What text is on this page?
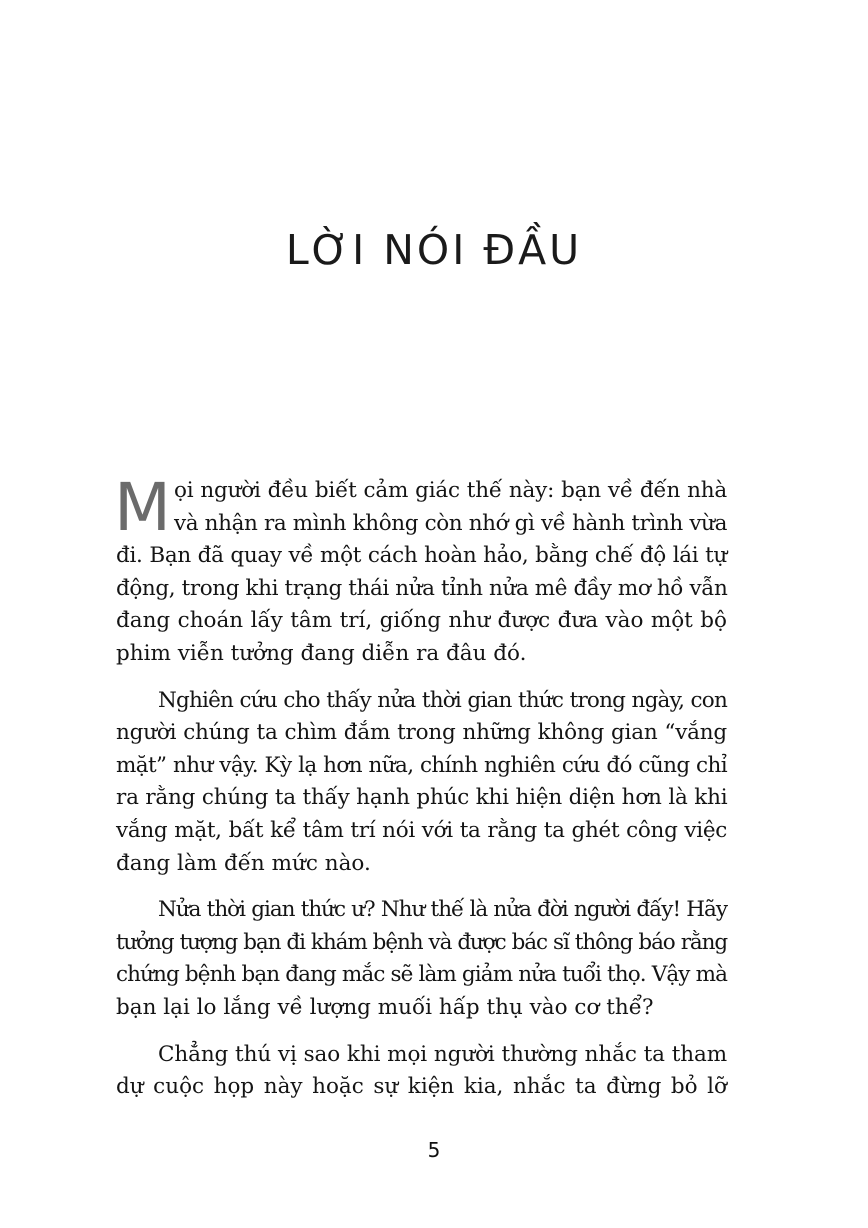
LỜI NÓI ĐẦU
M ọi người đều biết cảm giác thế này: bạn về đến nhà
và nhận ra mình không còn nhớ gì về hành trình vừa
đi. Bạn đã quay về một cách hoàn hảo, bằng chế độ lái tự
động, trong khi trạng thái nửa tỉnh nửa mê đầy mơ hồ vẫn
đang choán lấy tâm trí, giống như được đưa vào một bộ
phim viễn tưởng đang diễn ra đâu đó.
Nghiên cứu cho thấy nửa thời gian thức trong ngày, con
người chúng ta chìm đắm trong những không gian “vắng
mặt” như vậy. Kỳ lạ hơn nữa, chính nghiên cứu đó cũng chỉ
ra rằng chúng ta thấy hạnh phúc khi hiện diện hơn là khi
vắng mặt, bất kể tâm trí nói với ta rằng ta ghét công việc
đang làm đến mức nào.
Nửa thời gian thức ư? Như thế là nửa đời người đấy! Hãy
tưởng tượng bạn đi khám bệnh và được bác sĩ thông báo rằng
chứng bệnh bạn đang mắc sẽ làm giảm nửa tuổi thọ. Vậy mà
bạn lại lo lắng về lượng muối hấp thụ vào cơ thể?
Chẳng thú vị sao khi mọi người thường nhắc ta tham
dự cuộc họp này hoặc sự kiện kia, nhắc ta đừng bỏ lỡ
5
